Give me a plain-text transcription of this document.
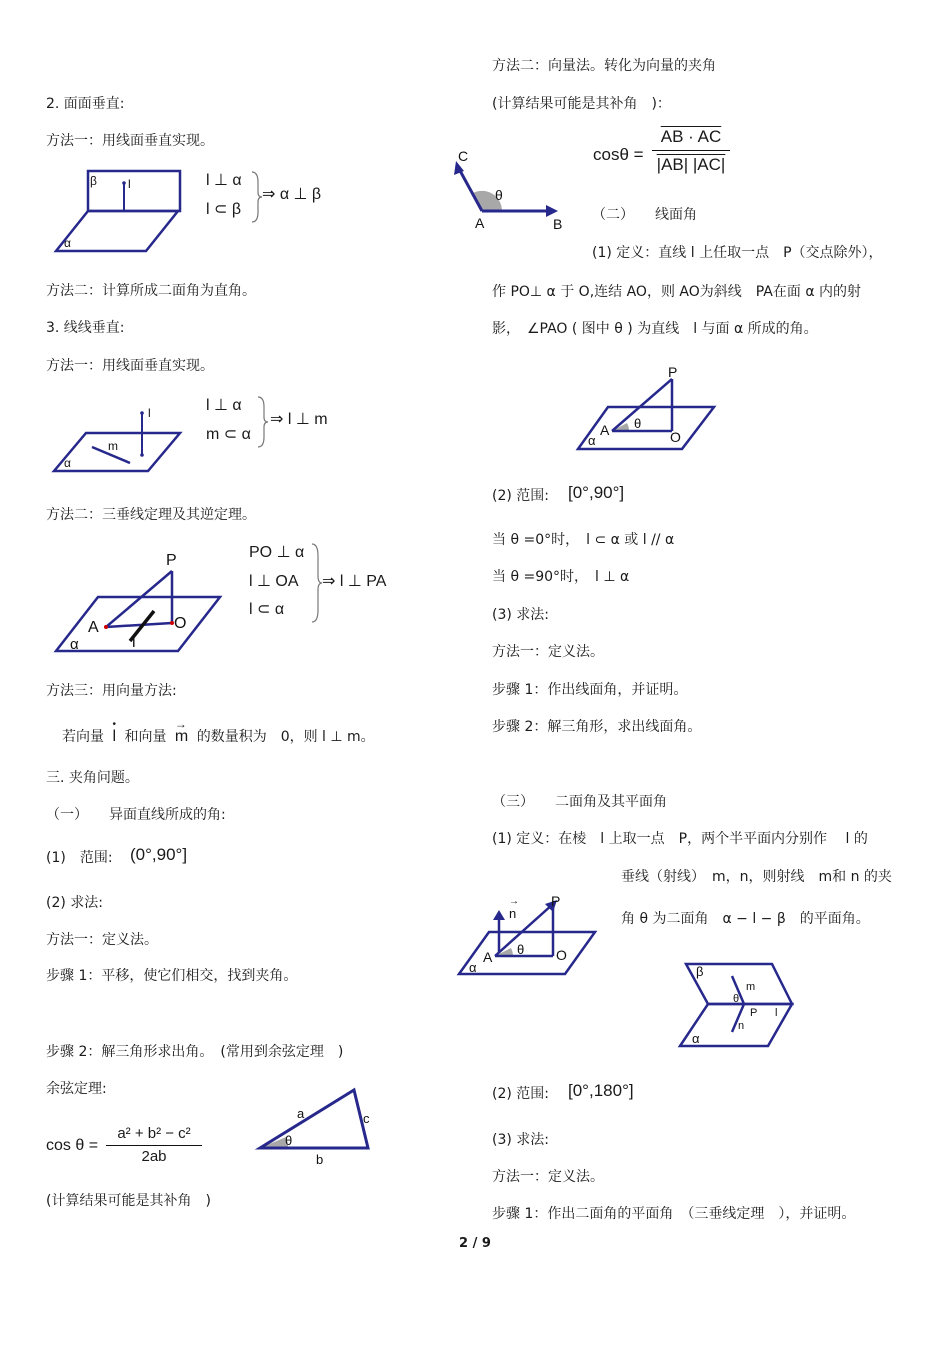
2. 面面垂直:
方法一：用线面垂直实现。
β	l
α
l ⊥ α
l ⊂ β
⇒ α ⊥ β
方法二：计算所成二面角为直角。
3. 线线垂直:
方法一：用线面垂直实现。
l
m
α
l ⊥ α
m ⊂ α
⇒ l ⊥ m
方法二：三垂线定理及其逆定理。
P
A	O
l
α
PO ⊥ α
l ⊥ OA
l ⊂ α
⇒ l ⊥ PA
方法三：用向量方法:
若向量
•
l 和向量
→
m 的数量积为　0，则 l ⊥ m。
三. 夹角问题。
（一）　　异面直线所成的角:
(1)　范围: (0°,90°]
(2) 求法:
方法一：定义法。
步骤 1：平移，使它们相交，找到夹角。
步骤 2：解三角形求出角。　(常用到余弦定理　)
余弦定理:
$\cos \theta = \frac{\text{a² + b² − c²}}{2ab}$
a	c
b
θ
(计算结果可能是其补角　)
方法二：向量法。转化为向量的夹角
(计算结果可能是其补角　)：
C
A	B
θ
$\cos\theta = \frac{AB \cdot AC}{|AB| |AC|}$
（二）　　线面角
(1) 定义：直线 l 上任取一点　P（交点除外），
作 PO⊥ α 于 O,连结 AO，则 AO为斜线　PA在面 α 内的射
影，　∠PAO ( 图中 θ ) 为直线　l 与面 α 所成的角。
P
A	O
α
θ
(2) 范围: [0°,90°]
当 θ =0°时，　l ⊂ α 或 l // α
当 θ =90°时，　l ⊥ α
(3) 求法:
方法一：定义法。
步骤 1：作出线面角，并证明。
步骤 2：解三角形，求出线面角。
（三）　　二面角及其平面角
(1) 定义：在棱　l 上取一点　P，两个半平面内分别作　 l 的
垂线（射线）　m，n，则射线　m和 n 的夹
角 θ 为二面角　α − l − β　的平面角。
→
n
P
A	O
α
θ
β
m
θ
P l
n
α
(2) 范围: [0°,180°]
(3) 求法:
方法一：定义法。
步骤 1：作出二面角的平面角　（三垂线定理　），并证明。
2 / 9
